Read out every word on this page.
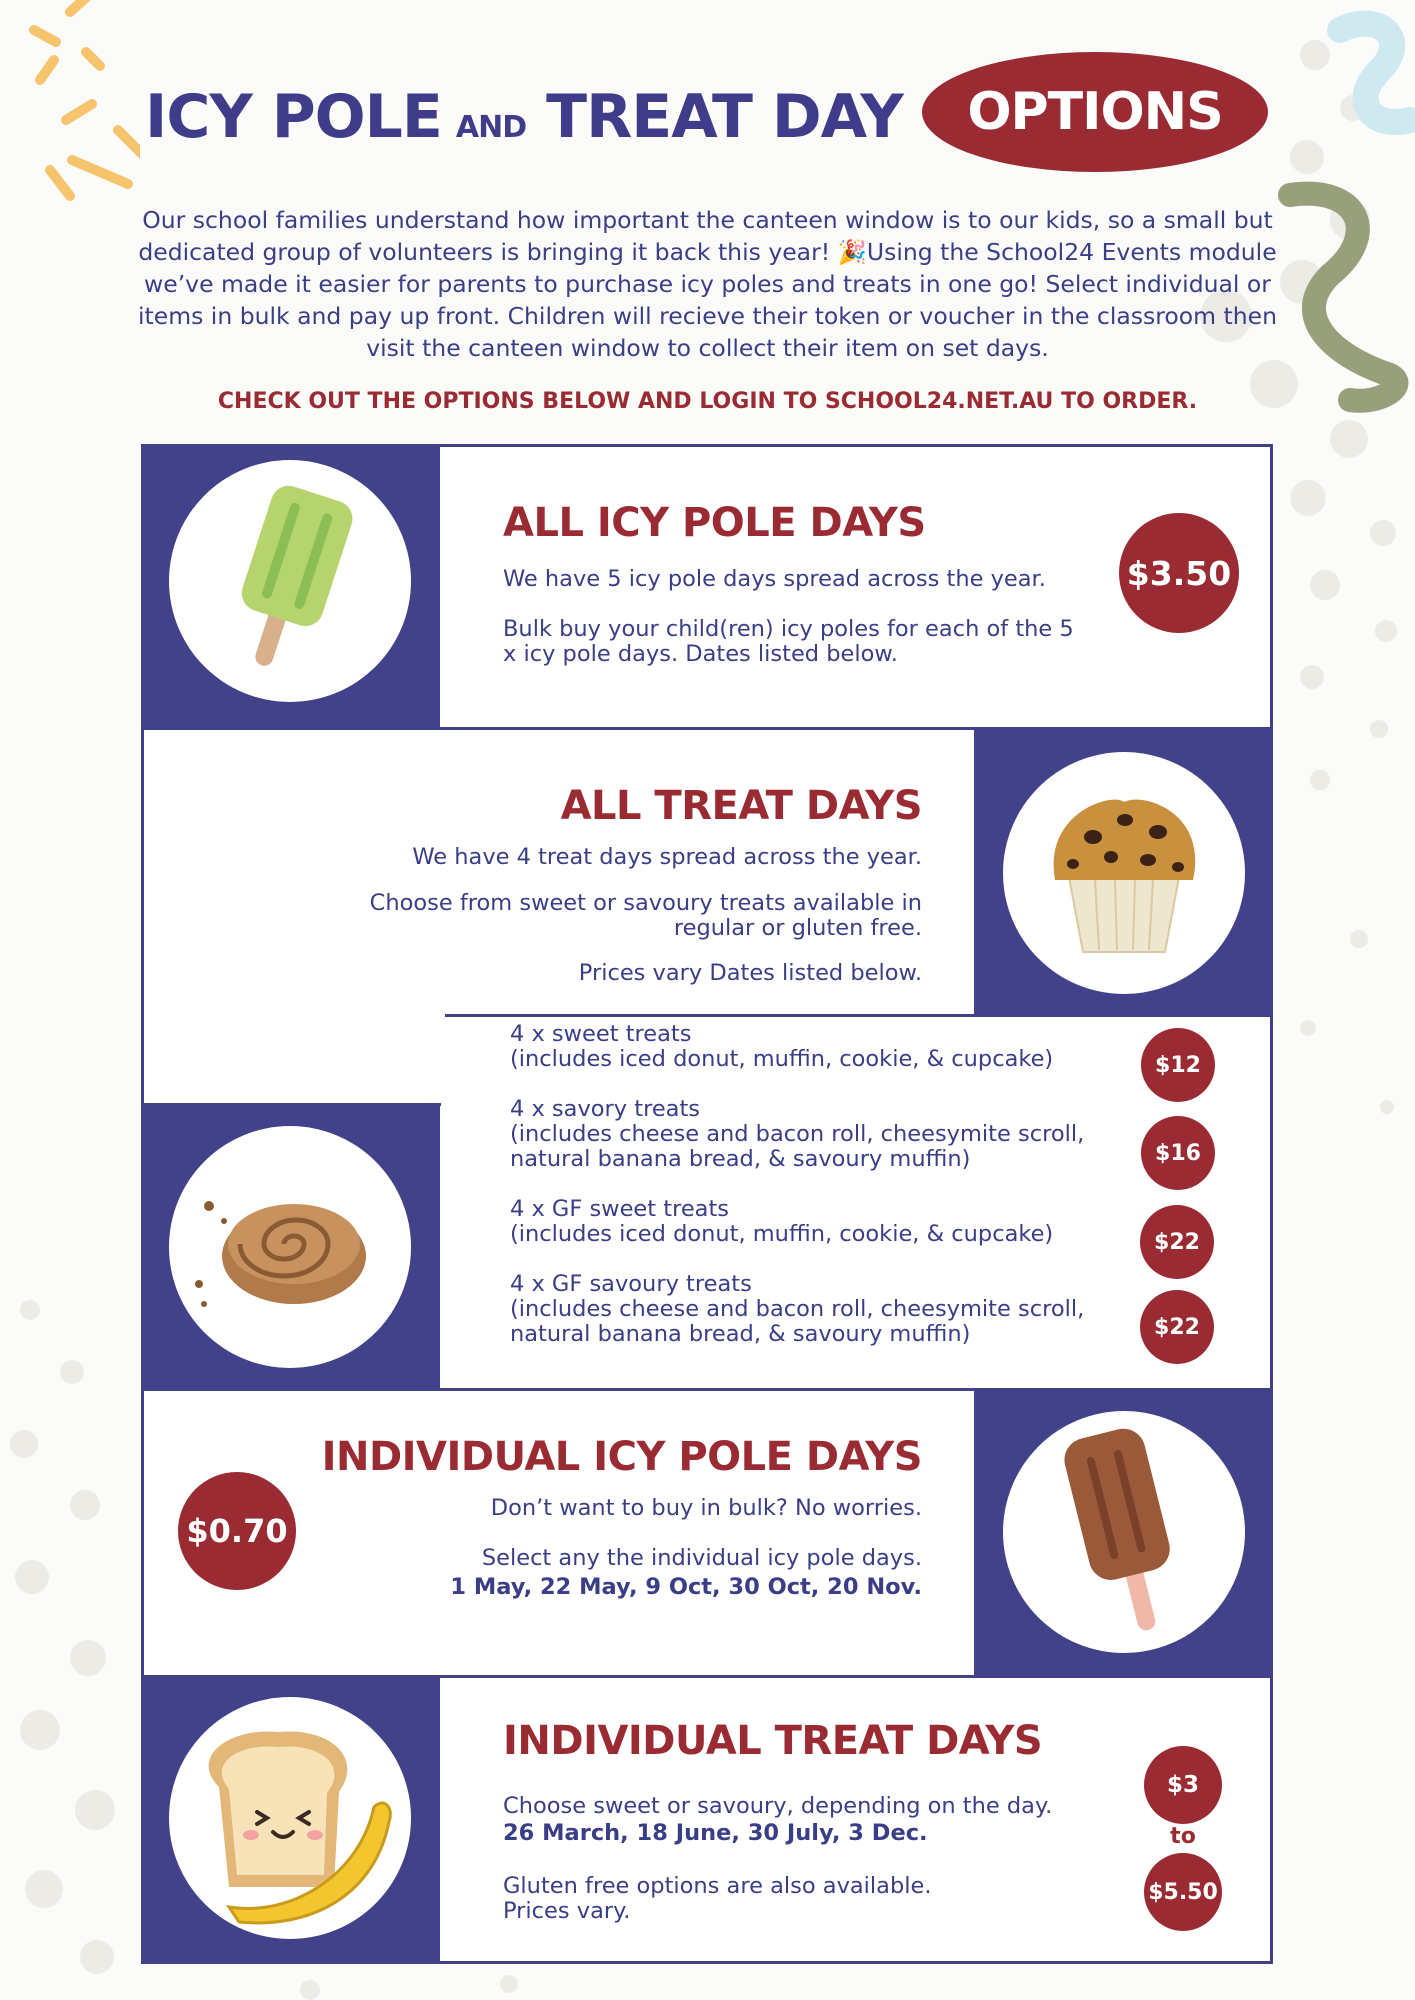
ICY POLE AND TREAT DAY	OPTIONS
Our school families understand how important the canteen window is to our kids, so a small but dedicated group of volunteers is bringing it back this year! 🎉Using the School24 Events module we’ve made it easier for parents to purchase icy poles and treats in one go! Select individual or items in bulk and pay up front. Children will recieve their token or voucher in the classroom then visit the canteen window to collect their item on set days.
CHECK OUT THE OPTIONS BELOW AND LOGIN TO SCHOOL24.NET.AU TO ORDER.
ALL ICY POLE DAYS
We have 5 icy pole days spread across the year.
Bulk buy your child(ren) icy poles for each of the 5 x icy pole days. Dates listed below.
$3.50
ALL TREAT DAYS
We have 4 treat days spread across the year.
Choose from sweet or savoury treats available in regular or gluten free.
Prices vary Dates listed below.
4 x sweet treats
(includes iced donut, muffin, cookie, & cupcake)	$12
4 x savory treats
(includes cheese and bacon roll, cheesymite scroll, natural banana bread, & savoury muffin)	$16
4 x GF sweet treats
(includes iced donut, muffin, cookie, & cupcake)	$22
4 x GF savoury treats
(includes cheese and bacon roll, cheesymite scroll, natural banana bread, & savoury muffin)	$22
INDIVIDUAL ICY POLE DAYS
Don’t want to buy in bulk? No worries.
Select any the individual icy pole days.
1 May, 22 May, 9 Oct, 30 Oct, 20 Nov.
$0.70
INDIVIDUAL TREAT DAYS
Choose sweet or savoury, depending on the day.
26 March, 18 June, 30 July, 3 Dec.
Gluten free options are also available. Prices vary.
$3
to
$5.50
